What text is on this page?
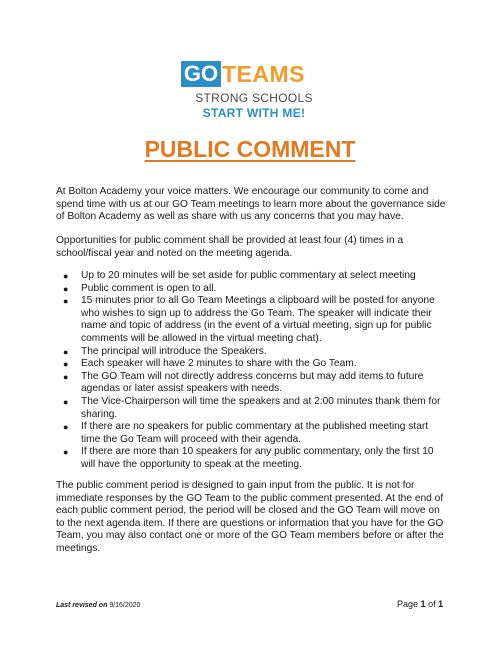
GO TEAMS
STRONG SCHOOLS
START WITH ME!
PUBLIC COMMENT
At Bolton Academy your voice matters. We encourage our community to come and spend time with us at our GO Team meetings to learn more about the governance side of Bolton Academy as well as share with us any concerns that you may have.
Opportunities for public comment shall be provided at least four (4) times in a school/fiscal year and noted on the meeting agenda.
● Up to 20 minutes will be set aside for public commentary at select meeting
● Public comment is open to all.
● 15 minutes prior to all Go Team Meetings a clipboard will be posted for anyone who wishes to sign up to address the Go Team. The speaker will indicate their name and topic of address (in the event of a virtual meeting, sign up for public comments will be allowed in the virtual meeting chat).
● The principal will introduce the Speakers.
● Each speaker will have 2 minutes to share with the Go Team.
● The GO Team will not directly address concerns but may add items to future agendas or later assist speakers with needs.
● The Vice-Chairperson will time the speakers and at 2:00 minutes thank them for sharing.
● If there are no speakers for public commentary at the published meeting start time the Go Team will proceed with their agenda.
● If there are more than 10 speakers for any public commentary, only the first 10 will have the opportunity to speak at the meeting.
The public comment period is designed to gain input from the public. It is not for immediate responses by the GO Team to the public comment presented. At the end of each public comment period, the period will be closed and the GO Team will move on to the next agenda item. If there are questions or information that you have for the GO Team, you may also contact one or more of the GO Team members before or after the meetings.
Last revised on 9/16/2020	Page 1 of 1
